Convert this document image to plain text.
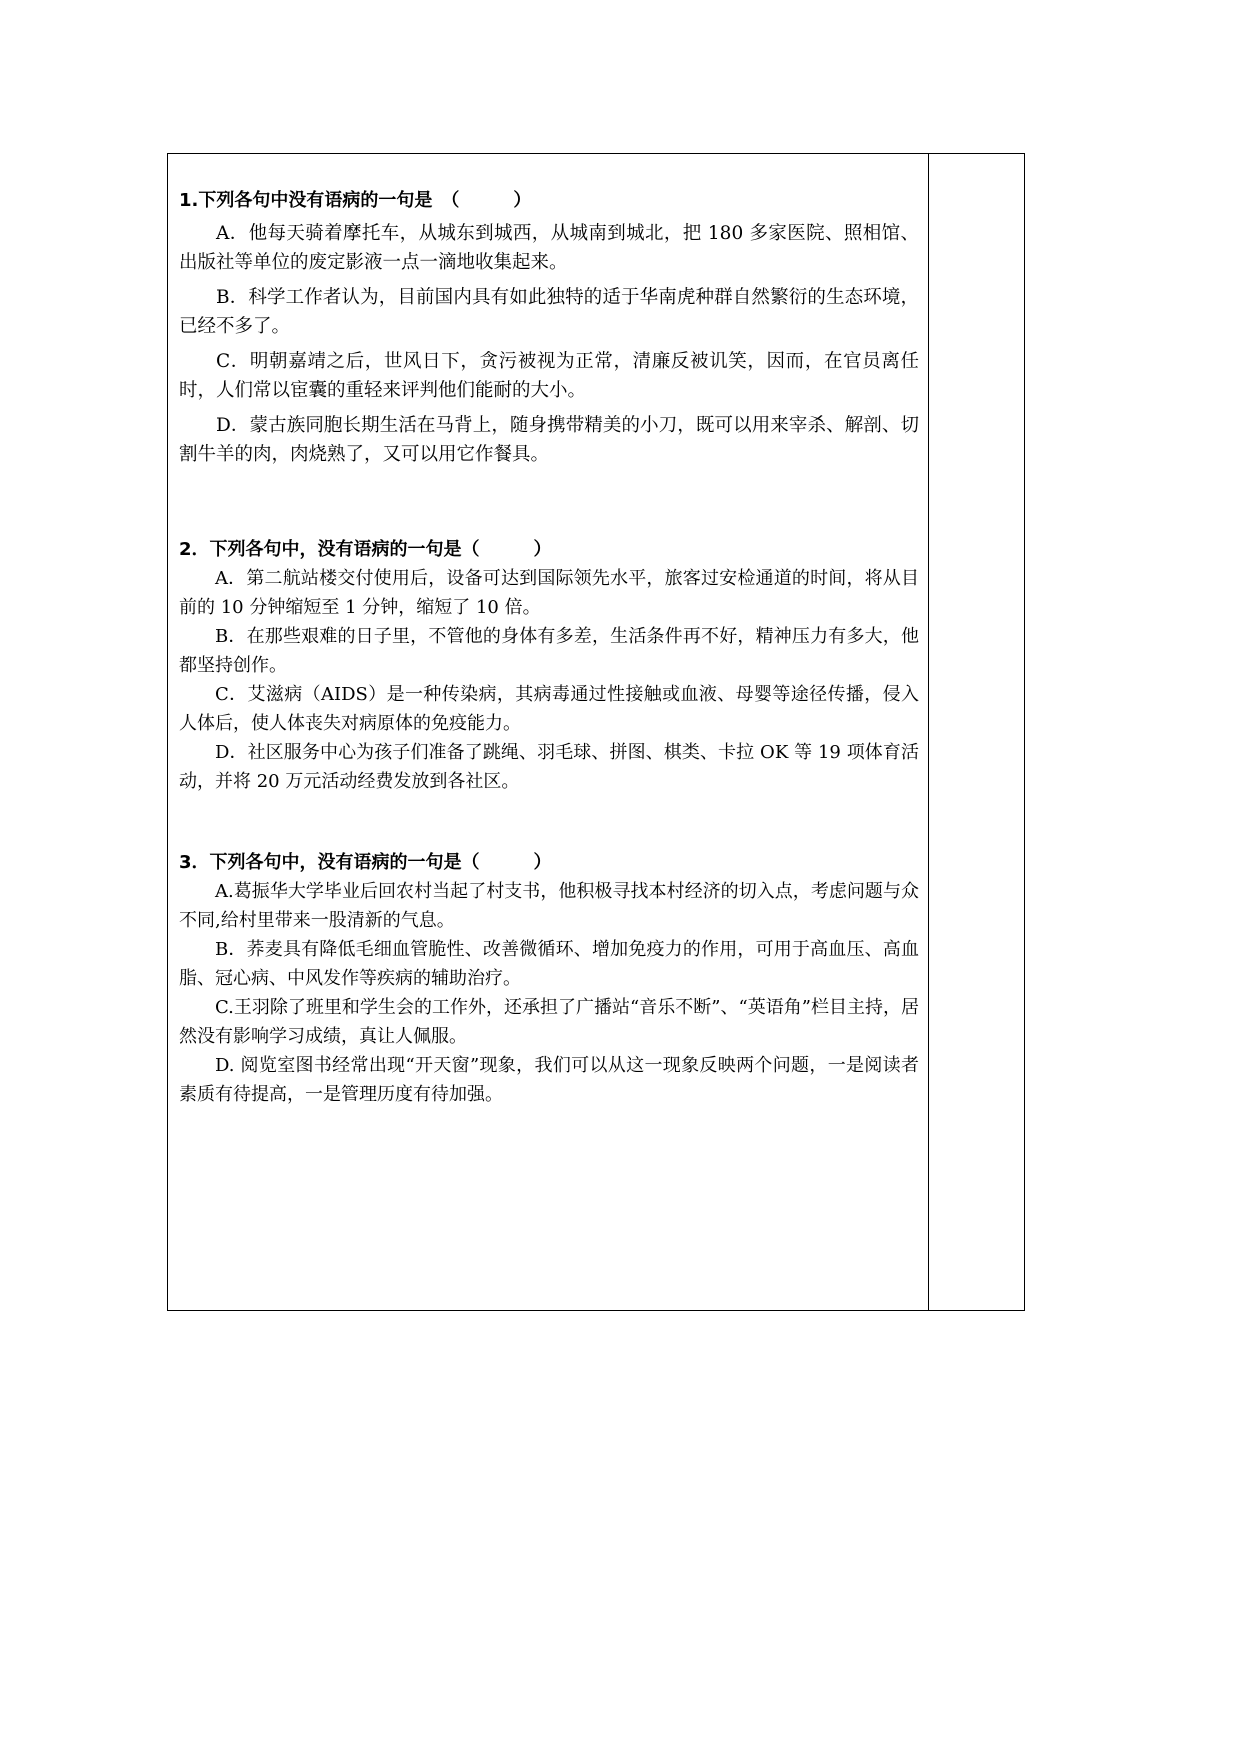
1.下列各句中没有语病的一句是　（　　　）
A．他每天骑着摩托车，从城东到城西，从城南到城北，把 180 多家医院、照相馆、出版社等单位的废定影液一点一滴地收集起来。
B．科学工作者认为，目前国内具有如此独特的适于华南虎种群自然繁衍的生态环境，已经不多了。
C．明朝嘉靖之后，世风日下，贪污被视为正常，清廉反被讥笑，因而，在官员离任时，人们常以宦囊的重轻来评判他们能耐的大小。
D．蒙古族同胞长期生活在马背上，随身携带精美的小刀，既可以用来宰杀、解剖、切割牛羊的肉，肉烧熟了，又可以用它作餐具。
2．下列各句中，没有语病的一句是（　　　）
A．第二航站楼交付使用后，设备可达到国际领先水平，旅客过安检通道的时间，将从目前的 10 分钟缩短至 1 分钟，缩短了 10 倍。
B．在那些艰难的日子里，不管他的身体有多差，生活条件再不好，精神压力有多大，他都坚持创作。
C．艾滋病（AIDS）是一种传染病，其病毒通过性接触或血液、母婴等途径传播，侵入人体后，使人体丧失对病原体的免疫能力。
D．社区服务中心为孩子们准备了跳绳、羽毛球、拼图、棋类、卡拉 OK 等 19 项体育活动，并将 20 万元活动经费发放到各社区。
3．下列各句中，没有语病的一句是（　　　）
A.葛振华大学毕业后回农村当起了村支书，他积极寻找本村经济的切入点，考虑问题与众不同,给村里带来一股清新的气息。
B．荞麦具有降低毛细血管脆性、改善微循环、增加免疫力的作用，可用于高血压、高血脂、冠心病、中风发作等疾病的辅助治疗。
C.王羽除了班里和学生会的工作外，还承担了广播站“音乐不断”、“英语角”栏目主持，居然没有影响学习成绩，真让人佩服。
D. 阅览室图书经常出现“开天窗”现象，我们可以从这一现象反映两个问题，一是阅读者素质有待提高，一是管理历度有待加强。
